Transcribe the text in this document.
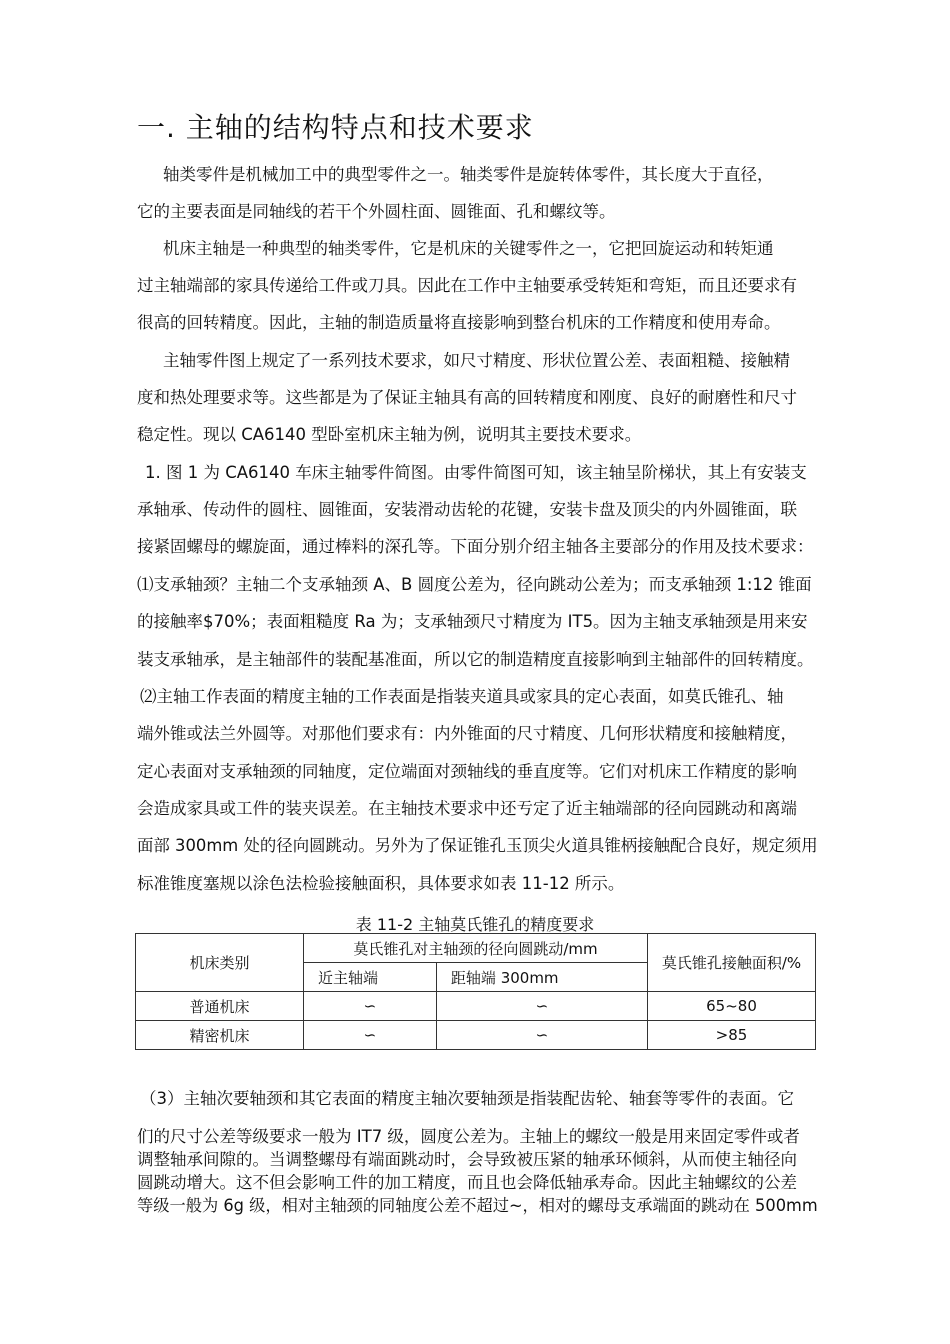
一. 主轴的结构特点和技术要求
轴类零件是机械加工中的典型零件之一。轴类零件是旋转体零件，其长度大于直径，
它的主要表面是同轴线的若干个外圆柱面、圆锥面、孔和螺纹等。
机床主轴是一种典型的轴类零件，它是机床的关键零件之一，它把回旋运动和转矩通
过主轴端部的家具传递给工件或刀具。因此在工作中主轴要承受转矩和弯矩，而且还要求有
很高的回转精度。因此，主轴的制造质量将直接影响到整台机床的工作精度和使用寿命。
主轴零件图上规定了一系列技术要求，如尺寸精度、形状位置公差、表面粗糙、接触精
度和热处理要求等。这些都是为了保证主轴具有高的回转精度和刚度、良好的耐磨性和尺寸
稳定性。现以 CA6140 型卧室机床主轴为例，说明其主要技术要求。
1. 图 1 为 CA6140 车床主轴零件简图。由零件简图可知，该主轴呈阶梯状，其上有安装支
承轴承、传动件的圆柱、圆锥面，安装滑动齿轮的花键，安装卡盘及顶尖的内外圆锥面，联
接紧固螺母的螺旋面，通过棒料的深孔等。下面分别介绍主轴各主要部分的作用及技术要求：
⑴支承轴颈？主轴二个支承轴颈 A、B 圆度公差为，径向跳动公差为；而支承轴颈 1:12 锥面
的接触率$70%；表面粗糙度 Ra 为；支承轴颈尺寸精度为 IT5。因为主轴支承轴颈是用来安
装支承轴承，是主轴部件的装配基准面，所以它的制造精度直接影响到主轴部件的回转精度。
⑵主轴工作表面的精度主轴的工作表面是指装夹道具或家具的定心表面，如莫氏锥孔、轴
端外锥或法兰外圆等。对那他们要求有：内外锥面的尺寸精度、几何形状精度和接触精度，
定心表面对支承轴颈的同轴度，定位端面对颈轴线的垂直度等。它们对机床工作精度的影响
会造成家具或工件的装夹误差。在主轴技术要求中还亐定了近主轴端部的径向园跳动和离端
面部 300mm 处的径向圆跳动。另外为了保证锥孔玉顶尖火道具锥柄接触配合良好，规定须用
标准锥度塞规以涂色法检验接触面积，具体要求如表 11-12 所示。
表 11-2 主轴莫氏锥孔的精度要求
机床类别	莫氏锥孔对主轴颈的径向圆跳动/mm		莫氏锥孔接触面积/%
	近主轴端	距轴端 300mm	
普通机床	∽	∽	65~80
精密机床	∽	∽	>85
（3）主轴次要轴颈和其它表面的精度主轴次要轴颈是指装配齿轮、轴套等零件的表面。它
们的尺寸公差等级要求一般为 IT7 级，圆度公差为。主轴上的螺纹一般是用来固定零件或者
调整轴承间隙的。当调整螺母有端面跳动时，会导致被压紧的轴承环倾斜，从而使主轴径向
圆跳动增大。这不但会影响工件的加工精度，而且也会降低轴承寿命。因此主轴螺纹的公差
等级一般为 6g 级，相对主轴颈的同轴度公差不超过~，相对的螺母支承端面的跳动在 500mm
